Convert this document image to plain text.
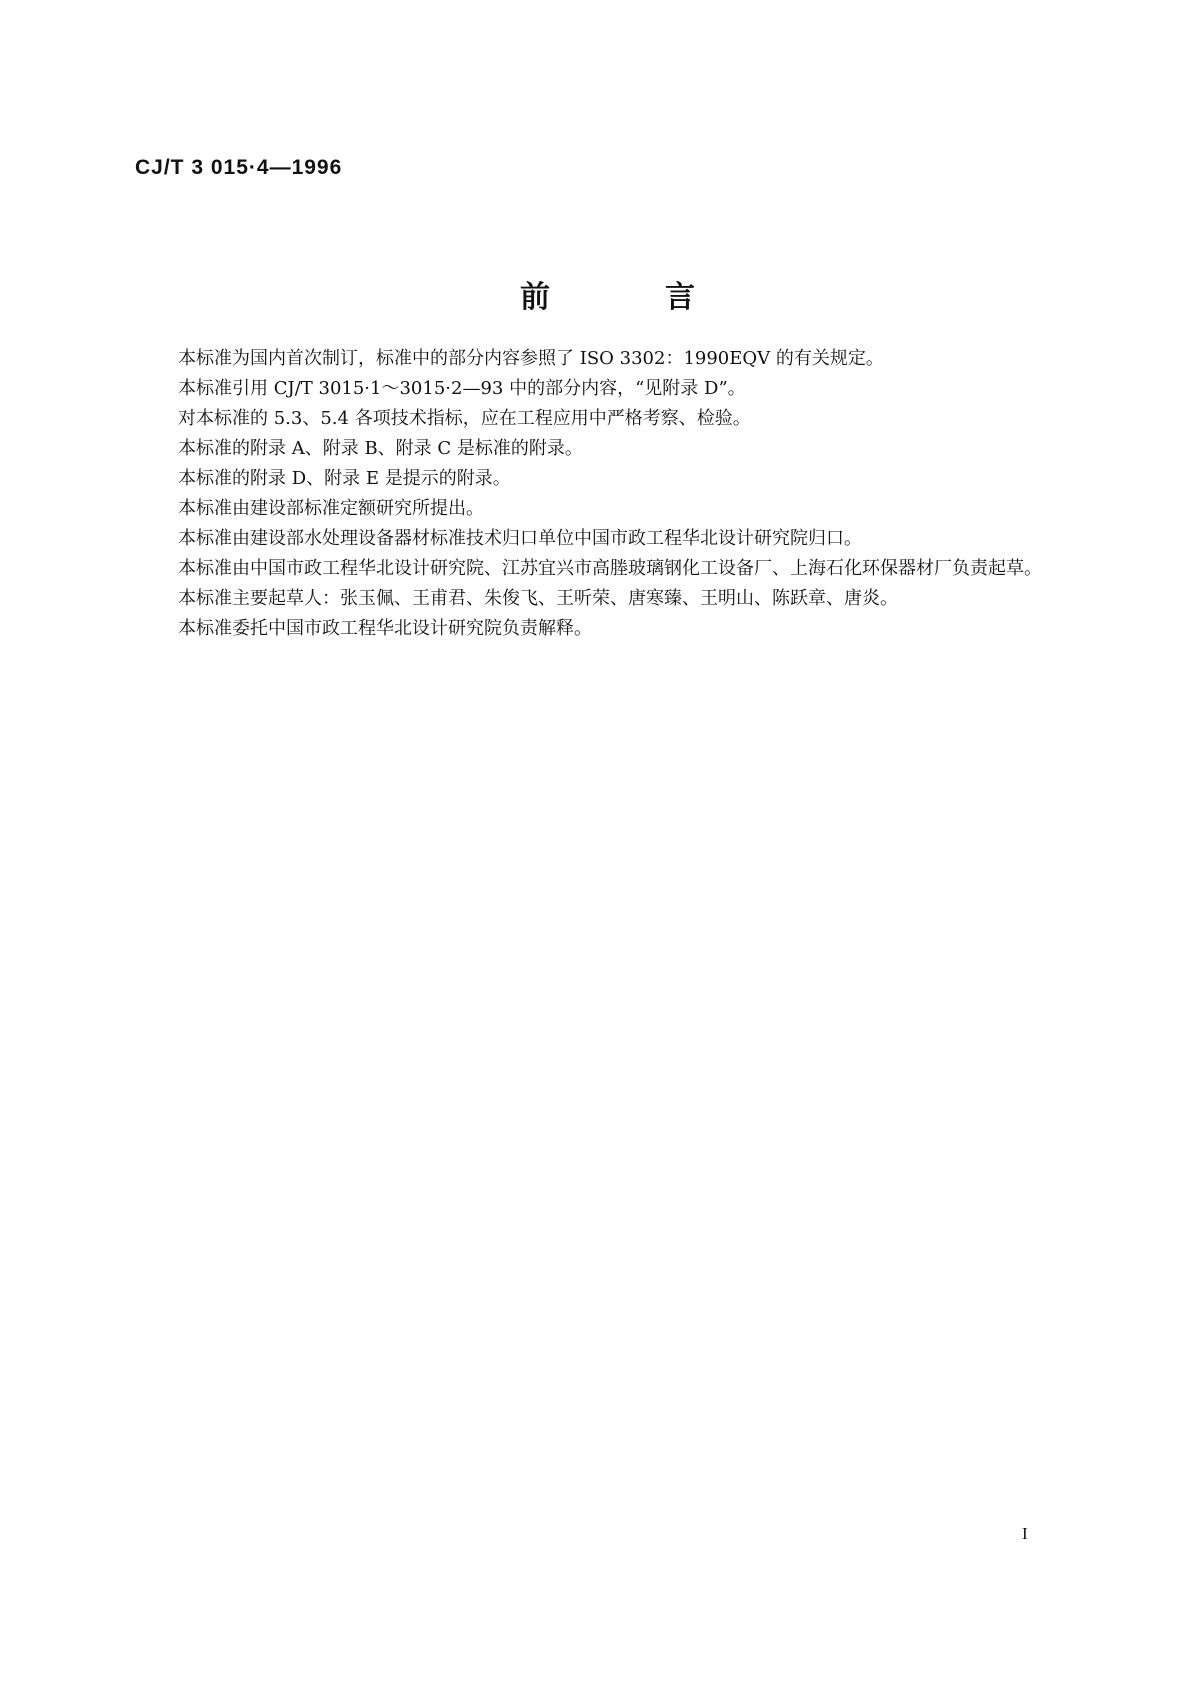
CJ/T 3 015·4—1996
前	言

本标准为国内首次制订，标准中的部分内容参照了 ISO 3302：1990EQV 的有关规定。

本标准引用 CJ/T 3015·1～3015·2—93 中的部分内容，“见附录 D”。

对本标准的 5.3、5.4 各项技术指标，应在工程应用中严格考察、检验。

本标准的附录 A、附录 B、附录 C 是标准的附录。

本标准的附录 D、附录 E 是提示的附录。

本标准由建设部标准定额研究所提出。

本标准由建设部水处理设备器材标准技术归口单位中国市政工程华北设计研究院归口。

本标准由中国市政工程华北设计研究院、江苏宜兴市高塍玻璃钢化工设备厂、上海石化环保器材厂负责起草。

本标准主要起草人：张玉佩、王甫君、朱俊飞、王听荣、唐寒臻、王明山、陈跃章、唐炎。

本标准委托中国市政工程华北设计研究院负责解释。

I
